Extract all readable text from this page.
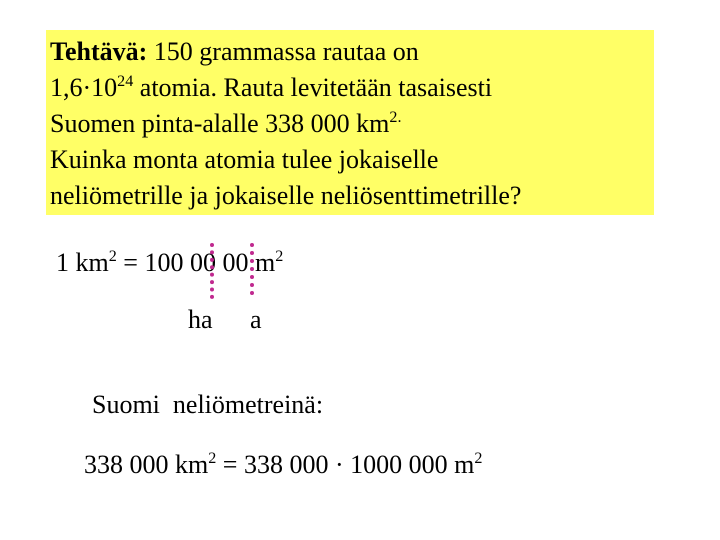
Tehtävä: 150 grammassa rautaa on
$1,6\cdot 10^{24}$ atomia. Rauta levitetään tasaisesti
Suomen pinta-alalle 338 000 $km^{2.}$
Kuinka monta atomia tulee jokaiselle
neliömetrille ja jokaiselle neliösenttimetrille?
1 $km^2 = 100$ 00 00 $m^2$
ha a
Suomi  neliömetreinä:
338 000 $km^2 = 338$ 000 · 1000 000 $m^2$
